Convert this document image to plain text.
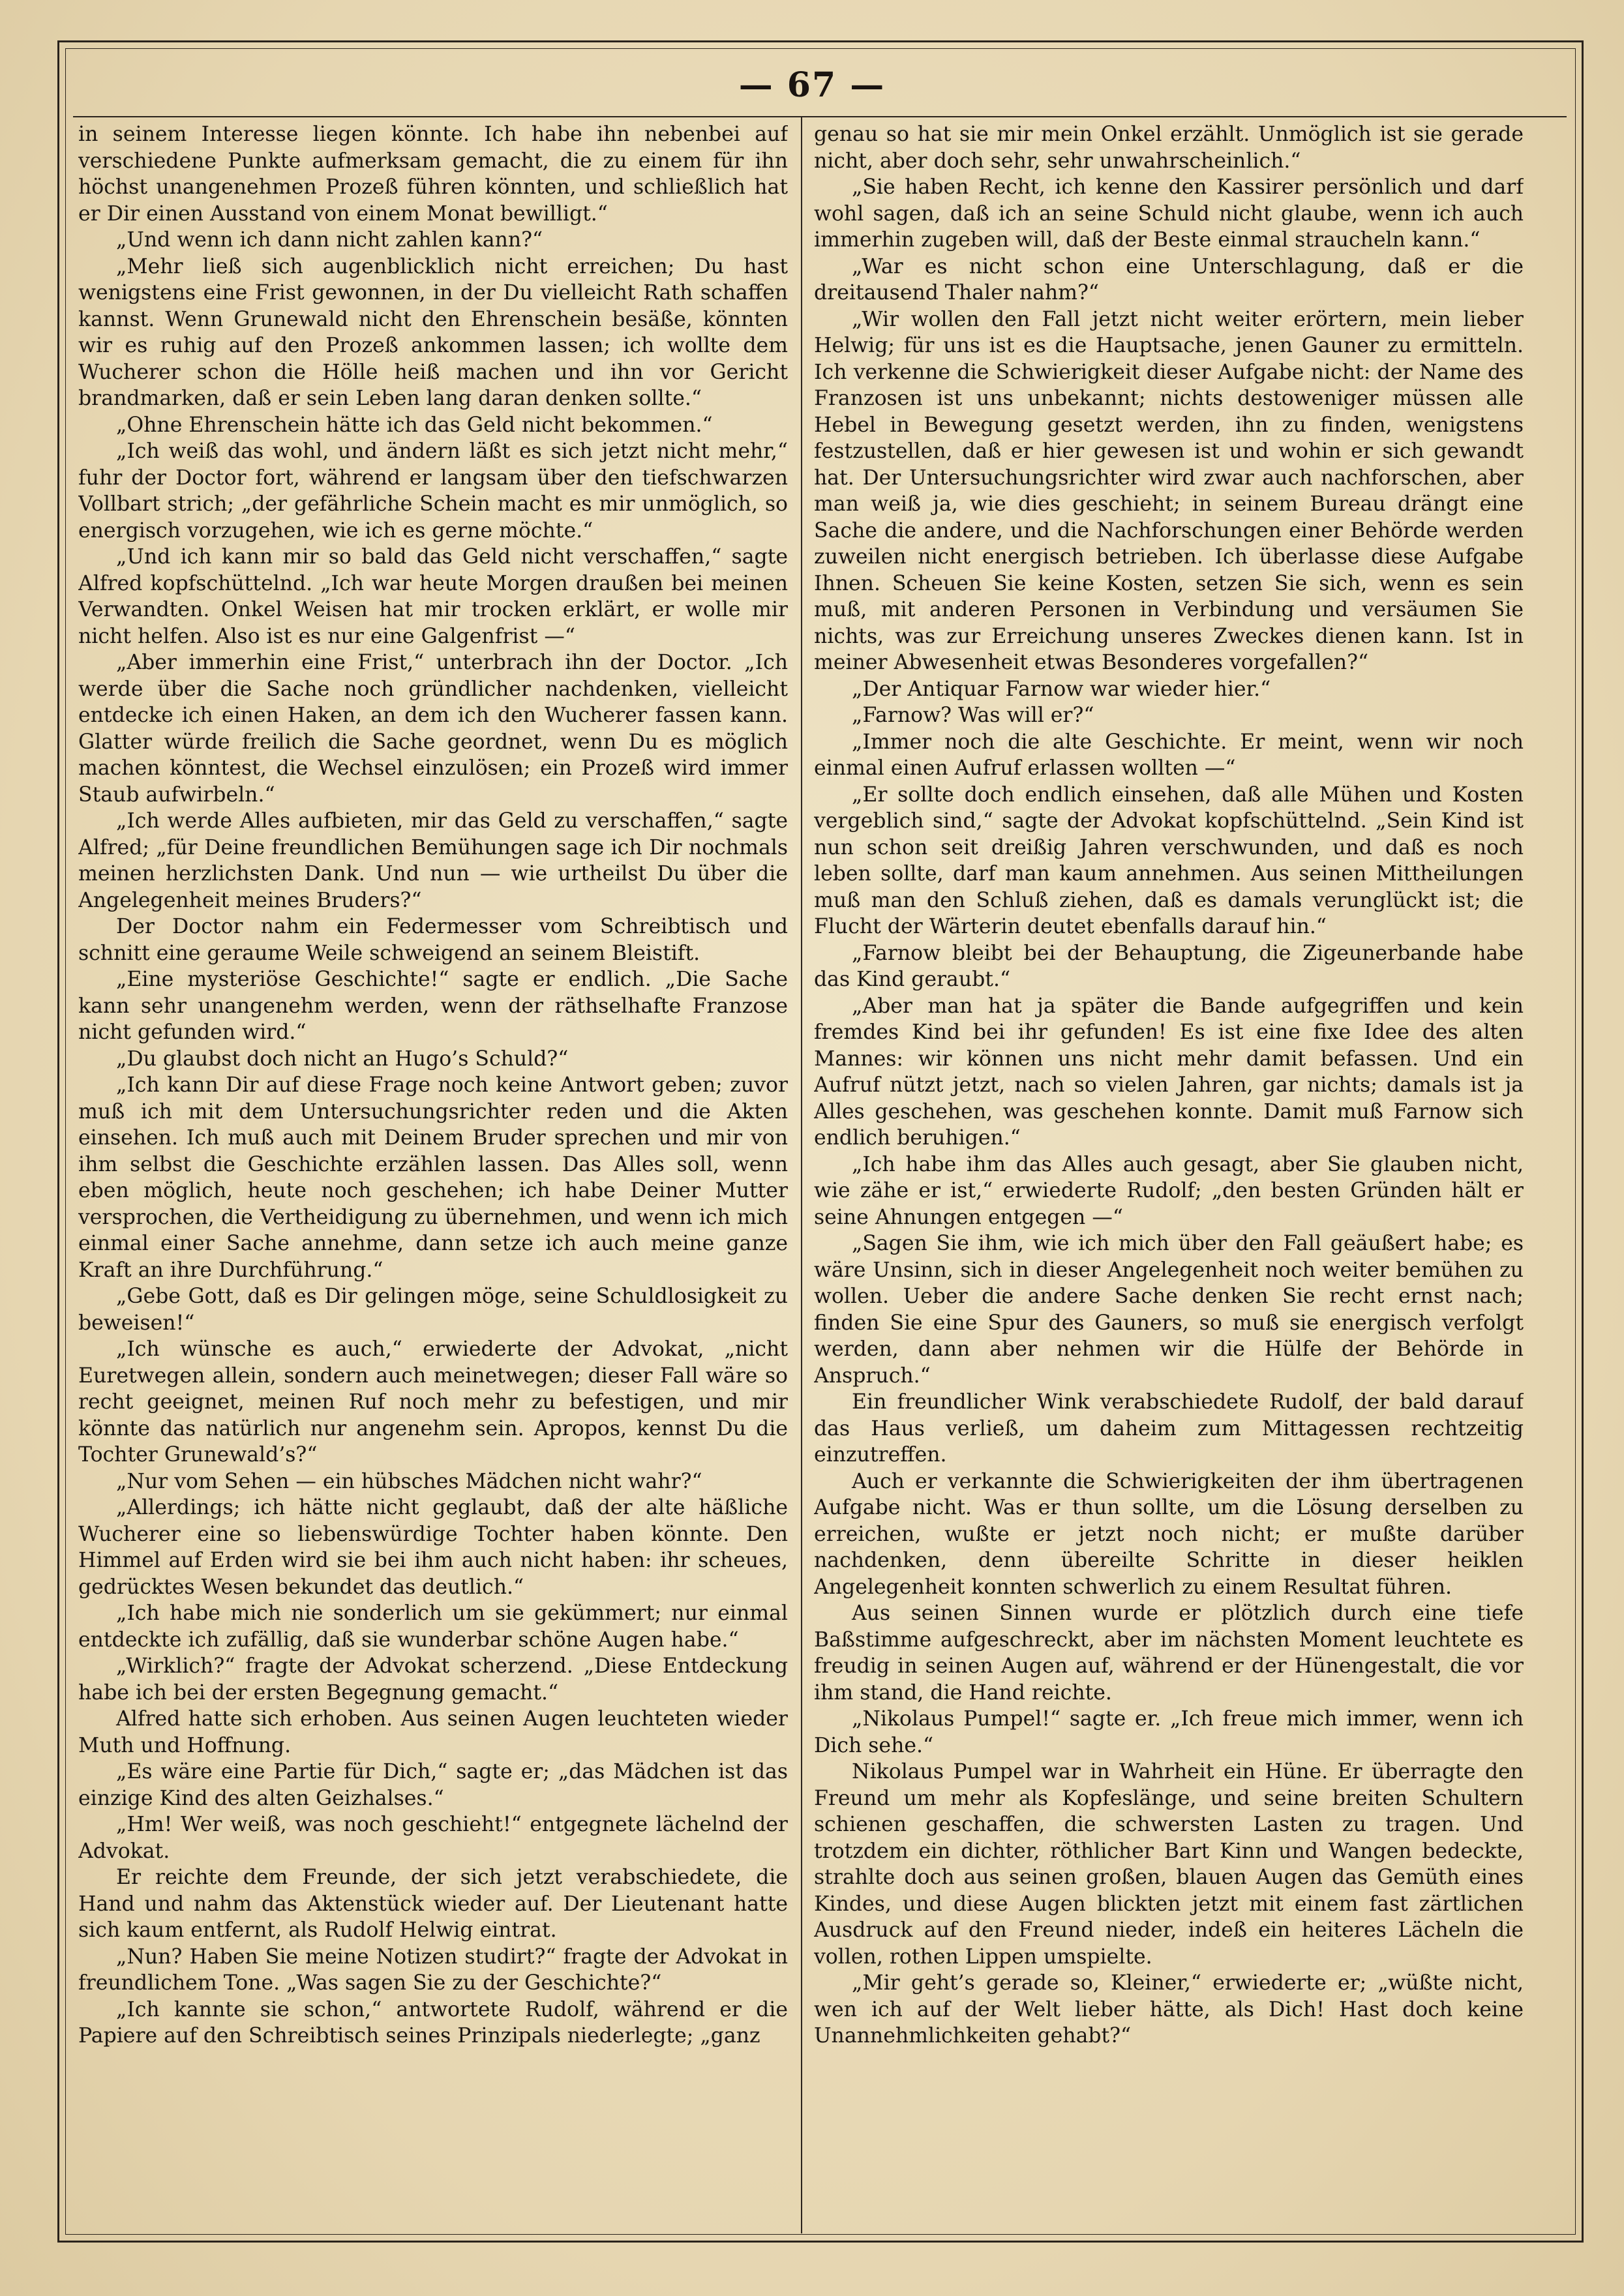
— 67 —

in seinem Interesse liegen könnte. Ich habe ihn nebenbei auf verschiedene Punkte aufmerksam gemacht, die zu einem für ihn höchst unangenehmen Prozeß führen könnten, und schließlich hat er Dir einen Ausstand von einem Monat bewilligt.“

„Und wenn ich dann nicht zahlen kann?“

„Mehr ließ sich augenblicklich nicht erreichen; Du hast wenigstens eine Frist gewonnen, in der Du vielleicht Rath schaffen kannst. Wenn Grunewald nicht den Ehrenschein besäße, könnten wir es ruhig auf den Prozeß ankommen lassen; ich wollte dem Wucherer schon die Hölle heiß machen und ihn vor Gericht brandmarken, daß er sein Leben lang daran denken sollte.“

„Ohne Ehrenschein hätte ich das Geld nicht bekommen.“

„Ich weiß das wohl, und ändern läßt es sich jetzt nicht mehr,“ fuhr der Doctor fort, während er langsam über den tiefschwarzen Vollbart strich; „der gefährliche Schein macht es mir unmöglich, so energisch vorzugehen, wie ich es gerne möchte.“

„Und ich kann mir so bald das Geld nicht verschaffen,“ sagte Alfred kopfschüttelnd. „Ich war heute Morgen draußen bei meinen Verwandten. Onkel Weisen hat mir trocken erklärt, er wolle mir nicht helfen. Also ist es nur eine Galgenfrist —“

„Aber immerhin eine Frist,“ unterbrach ihn der Doctor. „Ich werde über die Sache noch gründlicher nachdenken, vielleicht entdecke ich einen Haken, an dem ich den Wucherer fassen kann. Glatter würde freilich die Sache geordnet, wenn Du es möglich machen könntest, die Wechsel einzulösen; ein Prozeß wird immer Staub aufwirbeln.“

„Ich werde Alles aufbieten, mir das Geld zu verschaffen,“ sagte Alfred; „für Deine freundlichen Bemühungen sage ich Dir nochmals meinen herzlichsten Dank. Und nun — wie urtheilst Du über die Angelegenheit meines Bruders?“

Der Doctor nahm ein Federmesser vom Schreibtisch und schnitt eine geraume Weile schweigend an seinem Bleistift.

„Eine mysteriöse Geschichte!“ sagte er endlich. „Die Sache kann sehr unangenehm werden, wenn der räthselhafte Franzose nicht gefunden wird.“

„Du glaubst doch nicht an Hugo’s Schuld?“

„Ich kann Dir auf diese Frage noch keine Antwort geben; zuvor muß ich mit dem Untersuchungsrichter reden und die Akten einsehen. Ich muß auch mit Deinem Bruder sprechen und mir von ihm selbst die Geschichte erzählen lassen. Das Alles soll, wenn eben möglich, heute noch geschehen; ich habe Deiner Mutter versprochen, die Vertheidigung zu übernehmen, und wenn ich mich einmal einer Sache annehme, dann setze ich auch meine ganze Kraft an ihre Durchführung.“

„Gebe Gott, daß es Dir gelingen möge, seine Schuldlosigkeit zu beweisen!“

„Ich wünsche es auch,“ erwiederte der Advokat, „nicht Euretwegen allein, sondern auch meinetwegen; dieser Fall wäre so recht geeignet, meinen Ruf noch mehr zu befestigen, und mir könnte das natürlich nur angenehm sein. Apropos, kennst Du die Tochter Grunewald’s?“

„Nur vom Sehen — ein hübsches Mädchen nicht wahr?“

„Allerdings; ich hätte nicht geglaubt, daß der alte häßliche Wucherer eine so liebenswürdige Tochter haben könnte. Den Himmel auf Erden wird sie bei ihm auch nicht haben: ihr scheues, gedrücktes Wesen bekundet das deutlich.“

„Ich habe mich nie sonderlich um sie gekümmert; nur einmal entdeckte ich zufällig, daß sie wunderbar schöne Augen habe.“

„Wirklich?“ fragte der Advokat scherzend. „Diese Entdeckung habe ich bei der ersten Begegnung gemacht.“

Alfred hatte sich erhoben. Aus seinen Augen leuchteten wieder Muth und Hoffnung.

„Es wäre eine Partie für Dich,“ sagte er; „das Mädchen ist das einzige Kind des alten Geizhalses.“

„Hm! Wer weiß, was noch geschieht!“ entgegnete lächelnd der Advokat.

Er reichte dem Freunde, der sich jetzt verabschiedete, die Hand und nahm das Aktenstück wieder auf. Der Lieutenant hatte sich kaum entfernt, als Rudolf Helwig eintrat.

„Nun? Haben Sie meine Notizen studirt?“ fragte der Advokat in freundlichem Tone. „Was sagen Sie zu der Geschichte?“

„Ich kannte sie schon,“ antwortete Rudolf, während er die Papiere auf den Schreibtisch seines Prinzipals niederlegte; „ganz

genau so hat sie mir mein Onkel erzählt. Unmöglich ist sie gerade nicht, aber doch sehr, sehr unwahrscheinlich.“

„Sie haben Recht, ich kenne den Kassirer persönlich und darf wohl sagen, daß ich an seine Schuld nicht glaube, wenn ich auch immerhin zugeben will, daß der Beste einmal straucheln kann.“

„War es nicht schon eine Unterschlagung, daß er die dreitausend Thaler nahm?“

„Wir wollen den Fall jetzt nicht weiter erörtern, mein lieber Helwig; für uns ist es die Hauptsache, jenen Gauner zu ermitteln. Ich verkenne die Schwierigkeit dieser Aufgabe nicht: der Name des Franzosen ist uns unbekannt; nichts destoweniger müssen alle Hebel in Bewegung gesetzt werden, ihn zu finden, wenigstens festzustellen, daß er hier gewesen ist und wohin er sich gewandt hat. Der Untersuchungsrichter wird zwar auch nachforschen, aber man weiß ja, wie dies geschieht; in seinem Bureau drängt eine Sache die andere, und die Nachforschungen einer Behörde werden zuweilen nicht energisch betrieben. Ich überlasse diese Aufgabe Ihnen. Scheuen Sie keine Kosten, setzen Sie sich, wenn es sein muß, mit anderen Personen in Verbindung und versäumen Sie nichts, was zur Erreichung unseres Zweckes dienen kann. Ist in meiner Abwesenheit etwas Besonderes vorgefallen?“

„Der Antiquar Farnow war wieder hier.“

„Farnow? Was will er?“

„Immer noch die alte Geschichte. Er meint, wenn wir noch einmal einen Aufruf erlassen wollten —“

„Er sollte doch endlich einsehen, daß alle Mühen und Kosten vergeblich sind,“ sagte der Advokat kopfschüttelnd. „Sein Kind ist nun schon seit dreißig Jahren verschwunden, und daß es noch leben sollte, darf man kaum annehmen. Aus seinen Mittheilungen muß man den Schluß ziehen, daß es damals verunglückt ist; die Flucht der Wärterin deutet ebenfalls darauf hin.“

„Farnow bleibt bei der Behauptung, die Zigeunerbande habe das Kind geraubt.“

„Aber man hat ja später die Bande aufgegriffen und kein fremdes Kind bei ihr gefunden! Es ist eine fixe Idee des alten Mannes: wir können uns nicht mehr damit befassen. Und ein Aufruf nützt jetzt, nach so vielen Jahren, gar nichts; damals ist ja Alles geschehen, was geschehen konnte. Damit muß Farnow sich endlich beruhigen.“

„Ich habe ihm das Alles auch gesagt, aber Sie glauben nicht, wie zähe er ist,“ erwiederte Rudolf; „den besten Gründen hält er seine Ahnungen entgegen —“

„Sagen Sie ihm, wie ich mich über den Fall geäußert habe; es wäre Unsinn, sich in dieser Angelegenheit noch weiter bemühen zu wollen. Ueber die andere Sache denken Sie recht ernst nach; finden Sie eine Spur des Gauners, so muß sie energisch verfolgt werden, dann aber nehmen wir die Hülfe der Behörde in Anspruch.“

Ein freundlicher Wink verabschiedete Rudolf, der bald darauf das Haus verließ, um daheim zum Mittagessen rechtzeitig einzutreffen.

Auch er verkannte die Schwierigkeiten der ihm übertragenen Aufgabe nicht. Was er thun sollte, um die Lösung derselben zu erreichen, wußte er jetzt noch nicht; er mußte darüber nachdenken, denn übereilte Schritte in dieser heiklen Angelegenheit konnten schwerlich zu einem Resultat führen.

Aus seinen Sinnen wurde er plötzlich durch eine tiefe Baßstimme aufgeschreckt, aber im nächsten Moment leuchtete es freudig in seinen Augen auf, während er der Hünengestalt, die vor ihm stand, die Hand reichte.

„Nikolaus Pumpel!“ sagte er. „Ich freue mich immer, wenn ich Dich sehe.“

Nikolaus Pumpel war in Wahrheit ein Hüne. Er überragte den Freund um mehr als Kopfeslänge, und seine breiten Schultern schienen geschaffen, die schwersten Lasten zu tragen. Und trotzdem ein dichter, röthlicher Bart Kinn und Wangen bedeckte, strahlte doch aus seinen großen, blauen Augen das Gemüth eines Kindes, und diese Augen blickten jetzt mit einem fast zärtlichen Ausdruck auf den Freund nieder, indeß ein heiteres Lächeln die vollen, rothen Lippen umspielte.

„Mir geht’s gerade so, Kleiner,“ erwiederte er; „wüßte nicht, wen ich auf der Welt lieber hätte, als Dich! Hast doch keine Unannehmlichkeiten gehabt?“
